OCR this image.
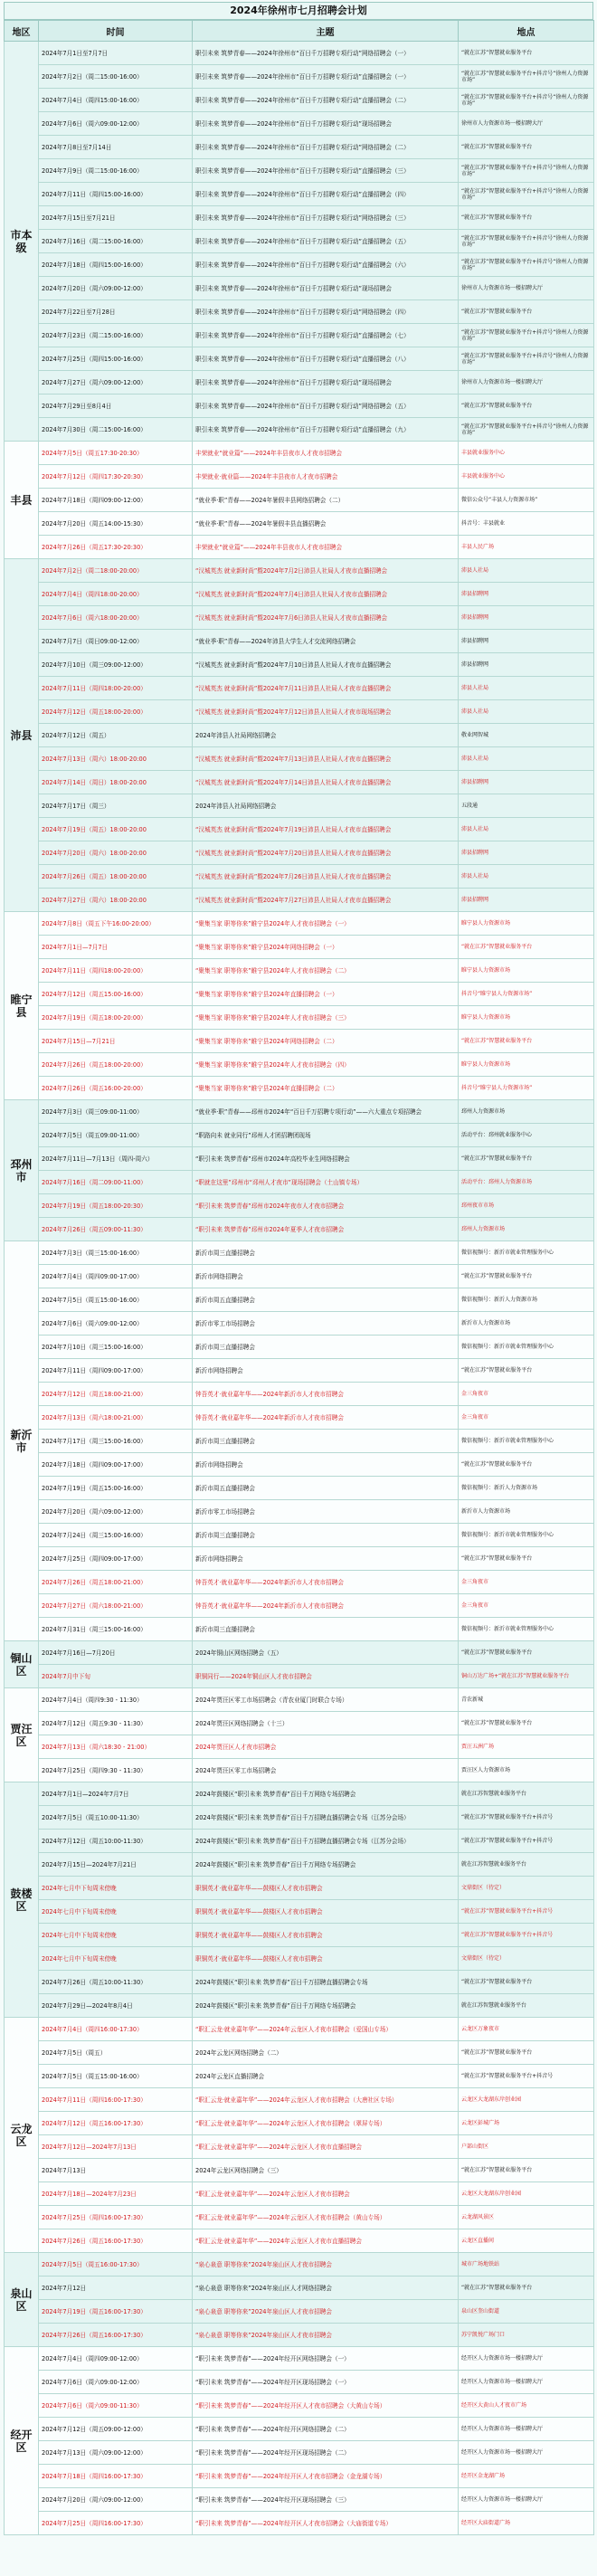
2024年徐州市七月招聘会计划
地区	时间	主题	地点
市本级	2024年7月1日至7月7日	职引未来 筑梦青春——2024年徐州市“百日千万招聘专项行动”网络招聘会（一）	“就在江苏”智慧就业服务平台
	2024年7月2日（周二15:00-16:00）	职引未来 筑梦青春——2024年徐州市“百日千万招聘专项行动”直播招聘会（一）	“就在江苏”智慧就业服务平台+抖音号“徐州人力资源市场”
	2024年7月4日（周四15:00-16:00）	职引未来 筑梦青春——2024年徐州市“百日千万招聘专项行动”直播招聘会（二）	“就在江苏”智慧就业服务平台+抖音号“徐州人力资源市场”
	2024年7月6日（周六09:00-12:00）	职引未来 筑梦青春——2024年徐州市“百日千万招聘专项行动”现场招聘会	徐州市人力资源市场一楼招聘大厅
	2024年7月8日至7月14日	职引未来 筑梦青春——2024年徐州市“百日千万招聘专项行动”网络招聘会（二）	“就在江苏”智慧就业服务平台
	2024年7月9日（周二15:00-16:00）	职引未来 筑梦青春——2024年徐州市“百日千万招聘专项行动”直播招聘会（三）	“就在江苏”智慧就业服务平台+抖音号“徐州人力资源市场”
	2024年7月11日（周四15:00-16:00）	职引未来 筑梦青春——2024年徐州市“百日千万招聘专项行动”直播招聘会（四）	“就在江苏”智慧就业服务平台+抖音号“徐州人力资源市场”
	2024年7月15日至7月21日	职引未来 筑梦青春——2024年徐州市“百日千万招聘专项行动”网络招聘会（三）	“就在江苏”智慧就业服务平台
	2024年7月16日（周二15:00-16:00）	职引未来 筑梦青春——2024年徐州市“百日千万招聘专项行动”直播招聘会（五）	“就在江苏”智慧就业服务平台+抖音号“徐州人力资源市场”
	2024年7月18日（周四15:00-16:00）	职引未来 筑梦青春——2024年徐州市“百日千万招聘专项行动”直播招聘会（六）	“就在江苏”智慧就业服务平台+抖音号“徐州人力资源市场”
	2024年7月20日（周六09:00-12:00）	职引未来 筑梦青春——2024年徐州市“百日千万招聘专项行动”现场招聘会	徐州市人力资源市场一楼招聘大厅
	2024年7月22日至7月28日	职引未来 筑梦青春——2024年徐州市“百日千万招聘专项行动”网络招聘会（四）	“就在江苏”智慧就业服务平台
	2024年7月23日（周二15:00-16:00）	职引未来 筑梦青春——2024年徐州市“百日千万招聘专项行动”直播招聘会（七）	“就在江苏”智慧就业服务平台+抖音号“徐州人力资源市场”
	2024年7月25日（周四15:00-16:00）	职引未来 筑梦青春——2024年徐州市“百日千万招聘专项行动”直播招聘会（八）	“就在江苏”智慧就业服务平台+抖音号“徐州人力资源市场”
	2024年7月27日（周六09:00-12:00）	职引未来 筑梦青春——2024年徐州市“百日千万招聘专项行动”现场招聘会	徐州市人力资源市场一楼招聘大厅
	2024年7月29日至8月4日	职引未来 筑梦青春——2024年徐州市“百日千万招聘专项行动”网络招聘会（五）	“就在江苏”智慧就业服务平台
	2024年7月30日（周二15:00-16:00）	职引未来 筑梦青春——2024年徐州市“百日千万招聘专项行动”直播招聘会（九）	“就在江苏”智慧就业服务平台+抖音号“徐州人力资源市场”
丰县	2024年7月5日（周五17:30-20:30）	丰荣就业“就业篇”——2024年丰县夜市人才夜市招聘会	丰县就业服务中心
	2024年7月12日（周四17:30-20:30）	丰荣就业·就业篇——2024年丰县夜市人才夜市招聘会	丰县就业服务中心
	2024年7月18日（周四09:00-12:00）	“就业季·职”青春——2024年暑假丰县网络招聘会（二）	微信公众号“丰县人力资源市场”
	2024年7月20日（周五14:00-15:30）	“就业季·职”青春——2024年暑假丰县直播招聘会	抖音号：丰县就业
	2024年7月26日（周五17:30-20:30）	丰荣就业“就业篇”——2024年丰县夜市人才夜市招聘会	丰县人民广场
沛县	2024年7月2日（周二18:00-20:00）	“汉城英杰 就业新时尚”暨2024年7月2日沛县人社局人才夜市直播招聘会	沛县人社局
	2024年7月4日（周四18:00-20:00）	“汉城英杰 就业新时尚”暨2024年7月4日沛县人社局人才夜市直播招聘会	沛县招聘网
	2024年7月6日（周六18:00-20:00）	“汉城英杰 就业新时尚”暨2024年7月6日沛县人社局人才夜市直播招聘会	沛县招聘网
	2024年7月7日（周日09:00-12:00）	“就业季·职”青春——2024年沛县大学生人才交流网络招聘会	沛县招聘网
	2024年7月10日（周三09:00-12:00）	“汉城英杰 就业新时尚”暨2024年7月10日沛县人社局人才夜市直播招聘会	沛县招聘网
	2024年7月11日（周四18:00-20:00）	“汉城英杰 就业新时尚”暨2024年7月11日沛县人社局人才夜市直播招聘会	沛县人社局
	2024年7月12日（周五18:00-20:00）	“汉城英杰 就业新时尚”暨2024年7月12日沛县人社局人才夜市现场招聘会	沛县人社局
	2024年7月12日（周五）	2024年沛县人社局网络招聘会	敬业网智城
	2024年7月13日（周六）18:00-20:00	“汉城英杰 就业新时尚”暨2024年7月13日沛县人社局人才夜市直播招聘会	沛县人社局
	2024年7月14日（周日）18:00-20:00	“汉城英杰 就业新时尚”暨2024年7月14日沛县人社局人才夜市直播招聘会	沛县招聘网
	2024年7月17日（周三）	2024年沛县人社局网络招聘会	五段通
	2024年7月19日（周五）18:00-20:00	“汉城英杰 就业新时尚”暨2024年7月19日沛县人社局人才夜市直播招聘会	沛县人社局
	2024年7月20日（周六）18:00-20:00	“汉城英杰 就业新时尚”暨2024年7月20日沛县人社局人才夜市直播招聘会	沛县招聘网
	2024年7月26日（周五）18:00-20:00	“汉城英杰 就业新时尚”暨2024年7月26日沛县人社局人才夜市直播招聘会	沛县人社局
	2024年7月27日（周六）18:00-20:00	“汉城英杰 就业新时尚”暨2024年7月27日沛县人社局人才夜市直播招聘会	沛县招聘网
睢宁县	2024年7月8日（周五下午16:00-20:00）	“聚集当家 职等你来”睢宁县2024年人才夜市招聘会（一）	睢宁县人力资源市场
	2024年7月1日—7月7日	“聚集当家 职等你来”睢宁县2024年网络招聘会（一）	“就在江苏”智慧就业服务平台
	2024年7月11日（周四18:00-20:00）	“聚集当家 职等你来”睢宁县2024年人才夜市招聘会（二）	睢宁县人力资源市场
	2024年7月12日（周五15:00-16:00）	“聚集当家 职等你来”睢宁县2024年直播招聘会（一）	抖音号“睢宁县人力资源市场”
	2024年7月19日（周五18:00-20:00）	“聚集当家 职等你来”睢宁县2024年人才夜市招聘会（三）	睢宁县人力资源市场
	2024年7月15日—7月21日	“聚集当家 职等你来”睢宁县2024年网络招聘会（二）	“就在江苏”智慧就业服务平台
	2024年7月26日（周五18:00-20:00）	“聚集当家 职等你来”睢宁县2024年人才夜市招聘会（四）	睢宁县人力资源市场
	2024年7月26日（周五16:00-20:00）	“聚集当家 职等你来”睢宁县2024年直播招聘会（二）	抖音号“睢宁县人力资源市场”
邳州市	2024年7月3日（周三09:00-11:00）	“就业季·职”青春——邳州市2024年“百日千万招聘专项行动”——六大重点专项招聘会	邳州人力资源市场
	2024年7月5日（周五09:00-11:00）	“职路向未 就业同行”邳州人才团招聘团现场	活动平台：邳州就业服务中心
	2024年7月11日—7月13日（周四-周六）	“职引未来 筑梦青春”邳州市2024年高校毕业生网络招聘会	“就在江苏”智慧就业服务平台
	2024年7月16日（周二09:00-11:00）	“职就在这里”邳州市“邳州人才夜市”现场招聘会（土山镇专场）	活动平台：邳州人力资源市场
	2024年7月19日（周五18:00-20:30）	“职引未来 筑梦青春”邳州市2024年夜市人才夜市招聘会	邳州夜市市场
	2024年7月26日（周五09:00-11:30）	“职引未来 筑梦青春”邳州市2024年夏季人才夜市招聘会	邳州人力资源市场
新沂市	2024年7月3日（周三15:00-16:00）	新沂市周三直播招聘会	微信视频号：新沂市就业管理服务中心
	2024年7月4日（周四09:00-17:00）	新沂市网络招聘会	“就在江苏”智慧就业服务平台
	2024年7月5日（周五15:00-16:00）	新沂市周五直播招聘会	微信视频号：新沂人力资源市场
	2024年7月6日（周六09:00-12:00）	新沂市零工市场招聘会	新沂市人力资源市场
	2024年7月10日（周三15:00-16:00）	新沂市周三直播招聘会	微信视频号：新沂市就业管理服务中心
	2024年7月11日（周四09:00-17:00）	新沂市网络招聘会	“就在江苏”智慧就业服务平台
	2024年7月12日（周五18:00-21:00）	钟吾英才·就业嘉年华——2024年新沂市人才夜市招聘会	金三角夜市
	2024年7月13日（周六18:00-21:00）	钟吾英才·就业嘉年华——2024年新沂市人才夜市招聘会	金三角夜市
	2024年7月17日（周三15:00-16:00）	新沂市周三直播招聘会	微信视频号：新沂市就业管理服务中心
	2024年7月18日（周四09:00-17:00）	新沂市网络招聘会	“就在江苏”智慧就业服务平台
	2024年7月19日（周五15:00-16:00）	新沂市周五直播招聘会	微信视频号：新沂人力资源市场
	2024年7月20日（周六09:00-12:00）	新沂市零工市场招聘会	新沂市人力资源市场
	2024年7月24日（周三15:00-16:00）	新沂市周三直播招聘会	微信视频号：新沂市就业管理服务中心
	2024年7月25日（周四09:00-17:00）	新沂市网络招聘会	“就在江苏”智慧就业服务平台
	2024年7月26日（周五18:00-21:00）	钟吾英才·就业嘉年华——2024年新沂市人才夜市招聘会	金三角夜市
	2024年7月27日（周六18:00-21:00）	钟吾英才·就业嘉年华——2024年新沂市人才夜市招聘会	金三角夜市
	2024年7月31日（周三15:00-16:00）	新沂市周三直播招聘会	微信视频号：新沂市就业管理服务中心
铜山区	2024年7月16日—7月20日	2024年铜山区网络招聘会（五）	“就在江苏”智慧就业服务平台
	2024年7月中下旬	职铜同行——2024年铜山区人才夜市招聘会	铜山万达广场+“就在江苏”智慧就业服务平台
贾汪区	2024年7月4日（周四9:30 - 11:30）	2024年贾汪区零工市场招聘会（青农业厦门时联合专场）	青农新城
	2024年7月12日（周五9:30 - 11:30）	2024年贾汪区网络招聘会（十三）	“就在江苏”智慧就业服务平台
	2024年7月13日（周六18:30 - 21:00）	2024年贾汪区人才夜市招聘会	贾汪五洲广场
	2024年7月25日（周四9:30 - 11:30）	2024年贾汪区零工市场招聘会	贾汪区人力资源市场
鼓楼区	2024年7月1日—2024年7月7日	2024年鼓楼区“职引未来 筑梦青春”百日千万网络专场招聘会	就在江苏智慧就业服务平台
	2024年7月5日（周五10:00-11:30）	2024年鼓楼区“职引未来 筑梦青春”百日千万招聘直播招聘会专场（江苏分会场）	“就在江苏”智慧就业服务平台+抖音号
	2024年7月12日（周五10:00-11:30）	2024年鼓楼区“职引未来 筑梦青春”百日千万招聘直播招聘会专场（江苏分会场）	“就在江苏”智慧就业服务平台+抖音号
	2024年7月15日—2024年7月21日	2024年鼓楼区“职引未来 筑梦青春”百日千万网络专场招聘会	就在江苏智慧就业服务平台
	2024年七月中下旬周末傍晚	职铜英才·就业嘉年华——鼓楼区人才夜市招聘会	文鼎街区（待定）
	2024年七月中下旬周末傍晚	职铜英才·就业嘉年华——鼓楼区人才夜市招聘会	“就在江苏”智慧就业服务平台+抖音号
	2024年七月中下旬周末傍晚	职铜英才·就业嘉年华——鼓楼区人才夜市招聘会	“就在江苏”智慧就业服务平台+抖音号
	2024年七月中下旬周末傍晚	职铜英才·就业嘉年华——鼓楼区人才夜市招聘会	文鼎街区（待定）
	2024年7月26日（周五10:00-11:30）	2024年鼓楼区“职引未来 筑梦青春”百日千万招聘直播招聘会专场	“就在江苏”智慧就业服务平台
	2024年7月29日—2024年8月4日	2024年鼓楼区“职引未来 筑梦青春”百日千万网络专场招聘会	就在江苏智慧就业服务平台
云龙区	2024年7月4日（周四16:00-17:30）	“职汇云龙·就业嘉年华”——2024年云龙区人才夜市招聘会（爱国山专场）	云龙区万象夜市
	2024年7月5日（周五）	2024年云龙区网络招聘会（二）	“就在江苏”智慧就业服务平台
	2024年7月5日（周五15:00-16:00）	2024年云龙区直播招聘会	“就在江苏”智慧就业服务平台+抖音号
	2024年7月11日（周四16:00-17:30）	“职汇云龙·就业嘉年华”——2024年云龙区人才夜市招聘会（大唐社区专场）	云龙区大龙湖东岸创业园
	2024年7月12日（周五16:00-17:30）	“职汇云龙·就业嘉年华”——2024年云龙区人才夜市招聘会（翠屏专场）	云龙区彭城广场
	2024年7月12日—2024年7月13日	“职汇云龙·就业嘉年华”——2024年云龙区人才夜市直播招聘会	户部山街区
	2024年7月13日	2024年云龙区网络招聘会（三）	“就在江苏”智慧就业服务平台
	2024年7月18日—2024年7月23日	“职汇云龙·就业嘉年华”——2024年云龙区人才夜市招聘会	云龙区大龙湖东岸创业园
	2024年7月25日（周四16:00-17:30）	“职汇云龙·就业嘉年华”——2024年云龙区人才夜市招聘会（黄山专场）	云龙湖风景区
	2024年7月26日（周五16:00-17:30）	“职汇云龙·就业嘉年华”——2024年云龙区人才夜市直播招聘会	云龙区直播间
泉山区	2024年7月5日（周五16:00-17:30）	“泉心泉意 职等你来”2024年泉山区人才夜市招聘会	城市广场地铁站
	2024年7月12日	“泉心泉意 职等你来”2024年泉山区人才网络招聘会	“就在江苏”智慧就业服务平台
	2024年7月19日（周五16:00-17:30）	“泉心泉意 职等你来”2024年泉山区人才夜市招聘会	泉山区奎山街道
	2024年7月26日（周五16:00-17:30）	“泉心泉意 职等你来”2024年泉山区人才夜市招聘会	苏宁凯悦广场门口
经开区	2024年7月4日（周四09:00-12:00）	“职引未来 筑梦青春”——2024年经开区网络招聘会（一）	经开区人力资源市场一楼招聘大厅
	2024年7月6日（周六09:00-12:00）	“职引未来 筑梦青春”——2024年经开区现场招聘会（一）	经开区人力资源市场一楼招聘大厅
	2024年7月6日（周六09:00-11:30）	“职引未来 筑梦青春”——2024年经开区人才夜市招聘会（大黄山专场）	经开区大黄山人才夜市广场
	2024年7月12日（周五09:00-12:00）	“职引未来 筑梦青春”——2024年经开区网络招聘会（二）	经开区人力资源市场一楼招聘大厅
	2024年7月13日（周六09:00-12:00）	“职引未来 筑梦青春”——2024年经开区现场招聘会（二）	经开区人力资源市场一楼招聘大厅
	2024年7月18日（周四16:00-17:30）	“职引未来 筑梦青春”——2024年经开区人才夜市招聘会（金龙湖专场）	经开区金龙湖广场
	2024年7月20日（周六09:00-12:00）	“职引未来 筑梦青春”——2024年经开区现场招聘会（三）	经开区人力资源市场一楼招聘大厅
	2024年7月25日（周四16:00-17:30）	“职引未来 筑梦青春”——2024年经开区人才夜市招聘会（大庙街道专场）	经开区大庙街道广场
